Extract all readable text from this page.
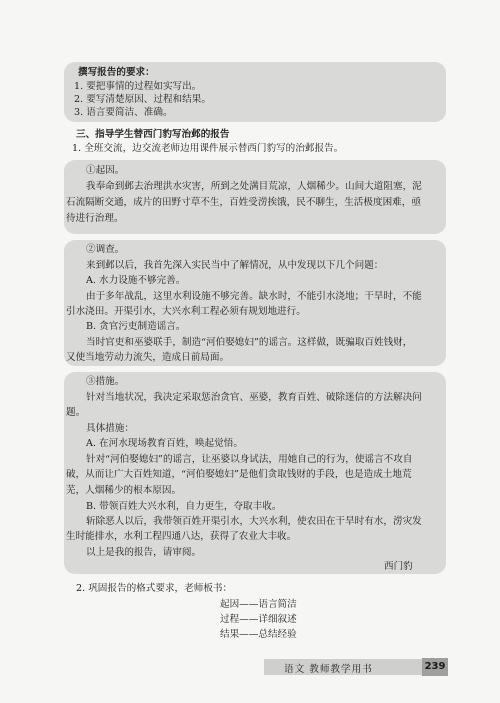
撰写报告的要求：
1. 要把事情的过程如实写出。
2. 要写清楚原因、过程和结果。
3. 语言要简洁、准确。
三、指导学生替西门豹写治邺的报告
1. 全班交流，边交流老师边用课件展示替西门豹写的治邺报告。
①起因。
我奉命到邺去治理洪水灾害，所到之处满目荒凉，人烟稀少。山间大道阻塞，泥
石流隔断交通，成片的田野寸草不生，百姓受涝挨饿，民不聊生，生活极度困难，亟
待进行治理。
②调查。
来到邺以后，我首先深入实民当中了解情况，从中发现以下几个问题：
A. 水力设施不够完善。
由于多年战乱，这里水利设施不够完善。缺水时，不能引水浇地；干旱时，不能
引水浇田。开渠引水，大兴水利工程必须有规划地进行。
B. 贪官污吏制造谣言。
当时官吏和巫婆联手，制造“河伯娶媳妇”的谣言。这样做，既骗取百姓钱财，
又使当地劳动力流失，造成日前局面。
③措施。
针对当地状况，我决定采取惩治贪官、巫婆，教育百姓、破除迷信的方法解决问
题。
具体措施：
A. 在河水现场教育百姓，唤起觉悟。
针对“河伯娶媳妇”的谣言，让巫婆以身试法，用她自己的行为，使谣言不攻自
破，从而让广大百姓知道，“河伯娶媳妇”是他们贪取钱财的手段，也是造成土地荒
芜，人烟稀少的根本原因。
B. 带领百姓大兴水利，自力更生，夺取丰收。
斩除恶人以后，我带领百姓开渠引水，大兴水利，使农田在干旱时有水，涝灾发
生时能排水，水利工程四通八达，获得了农业大丰收。
以上是我的报告，请审阅。
西门豹
2. 巩固报告的格式要求，老师板书：
起因——语言简洁
过程——详细叙述
结果——总结经验
语文 教师教学用书	239
